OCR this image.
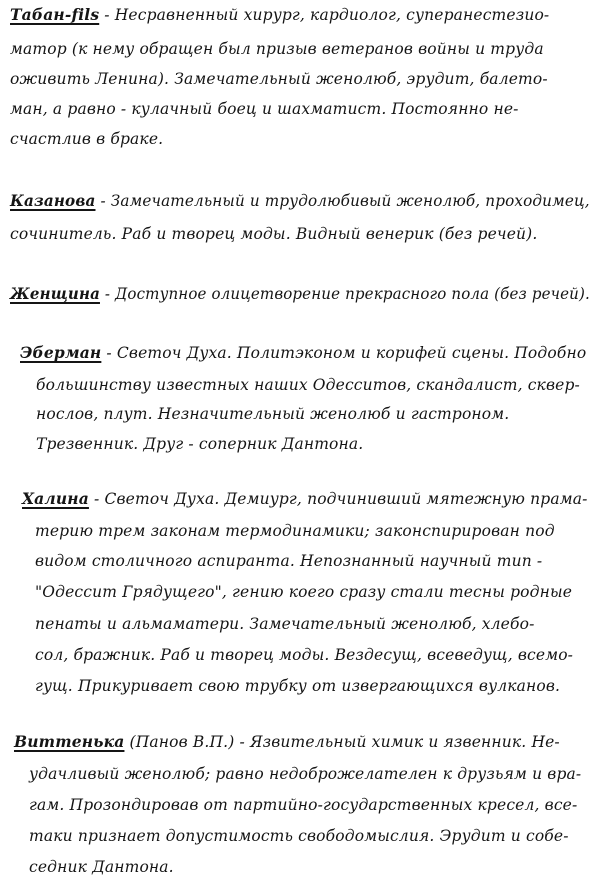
Табан-fils - Несравненный хирург, кардиолог, суперанестезио-
матор (к нему обращен был призыв ветеранов войны и труда
оживить Ленина). Замечательный женолюб, эрудит, балето-
ман, а равно - кулачный боец и шахматист. Постоянно не-
счастлив в браке.
Казанова - Замечательный и трудолюбивый женолюб, проходимец,
сочинитель. Раб и творец моды. Видный венерик (без речей).
Женщина - Доступное олицетворение прекрасного пола (без речей).
Эберман - Светоч Духа. Политэконом и корифей сцены. Подобно
большинству известных наших Одесситов, скандалист, сквер-
нослов, плут. Незначительный женолюб и гастроном.
Трезвенник. Друг - соперник Дантона.
Халина - Светоч Духа. Демиург, подчинивший мятежную прама-
терию трем законам термодинамики; законспирирован под
видом столичного аспиранта. Непознанный научный тип -
"Одессит Грядущего", гению коего сразу стали тесны родные
пенаты и альмаматери. Замечательный женолюб, хлебо-
сол, бражник. Раб и творец моды. Вездесущ, всеведущ, всемо-
гущ. Прикуривает свою трубку от извергающихся вулканов.
Виттенька (Панов В.П.) - Язвительный химик и язвенник. Не-
удачливый женолюб; равно недоброжелателен к друзьям и вра-
гам. Прозондировав от партийно-государственных кресел, все-
таки признает допустимость свободомыслия. Эрудит и собе-
седник Дантона.
